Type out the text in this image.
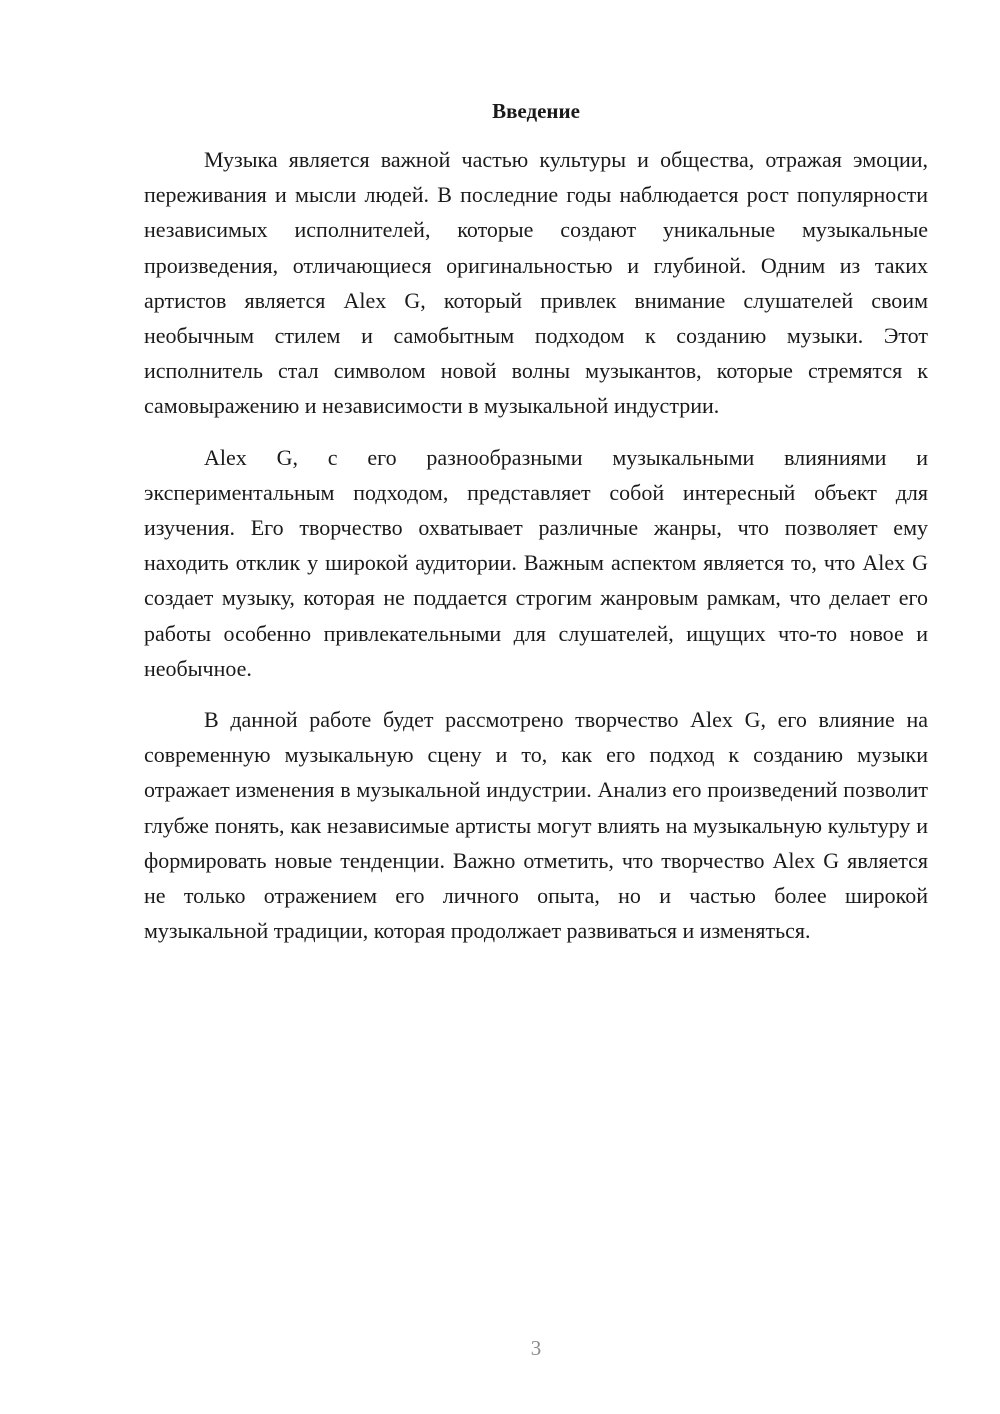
Введение

Музыка является важной частью культуры и общества, отражая эмоции, переживания и мысли людей. В последние годы наблюдается рост популярности независимых исполнителей, которые создают уникальные музыкальные произведения, отличающиеся оригинальностью и глубиной. Одним из таких артистов является Alex G, который привлек внимание слушателей своим необычным стилем и самобытным подходом к созданию музыки. Этот исполнитель стал символом новой волны музыкантов, которые стремятся к самовыражению и независимости в музыкальной индустрии.

Alex G, с его разнообразными музыкальными влияниями и экспериментальным подходом, представляет собой интересный объект для изучения. Его творчество охватывает различные жанры, что позволяет ему находить отклик у широкой аудитории. Важным аспектом является то, что Alex G создает музыку, которая не поддается строгим жанровым рамкам, что делает его работы особенно привлекательными для слушателей, ищущих что-то новое и необычное.

В данной работе будет рассмотрено творчество Alex G, его влияние на современную музыкальную сцену и то, как его подход к созданию музыки отражает изменения в музыкальной индустрии. Анализ его произведений позволит глубже понять, как независимые артисты могут влиять на музыкальную культуру и формировать новые тенденции. Важно отметить, что творчество Alex G является не только отражением его личного опыта, но и частью более широкой музыкальной традиции, которая продолжает развиваться и изменяться.

3
